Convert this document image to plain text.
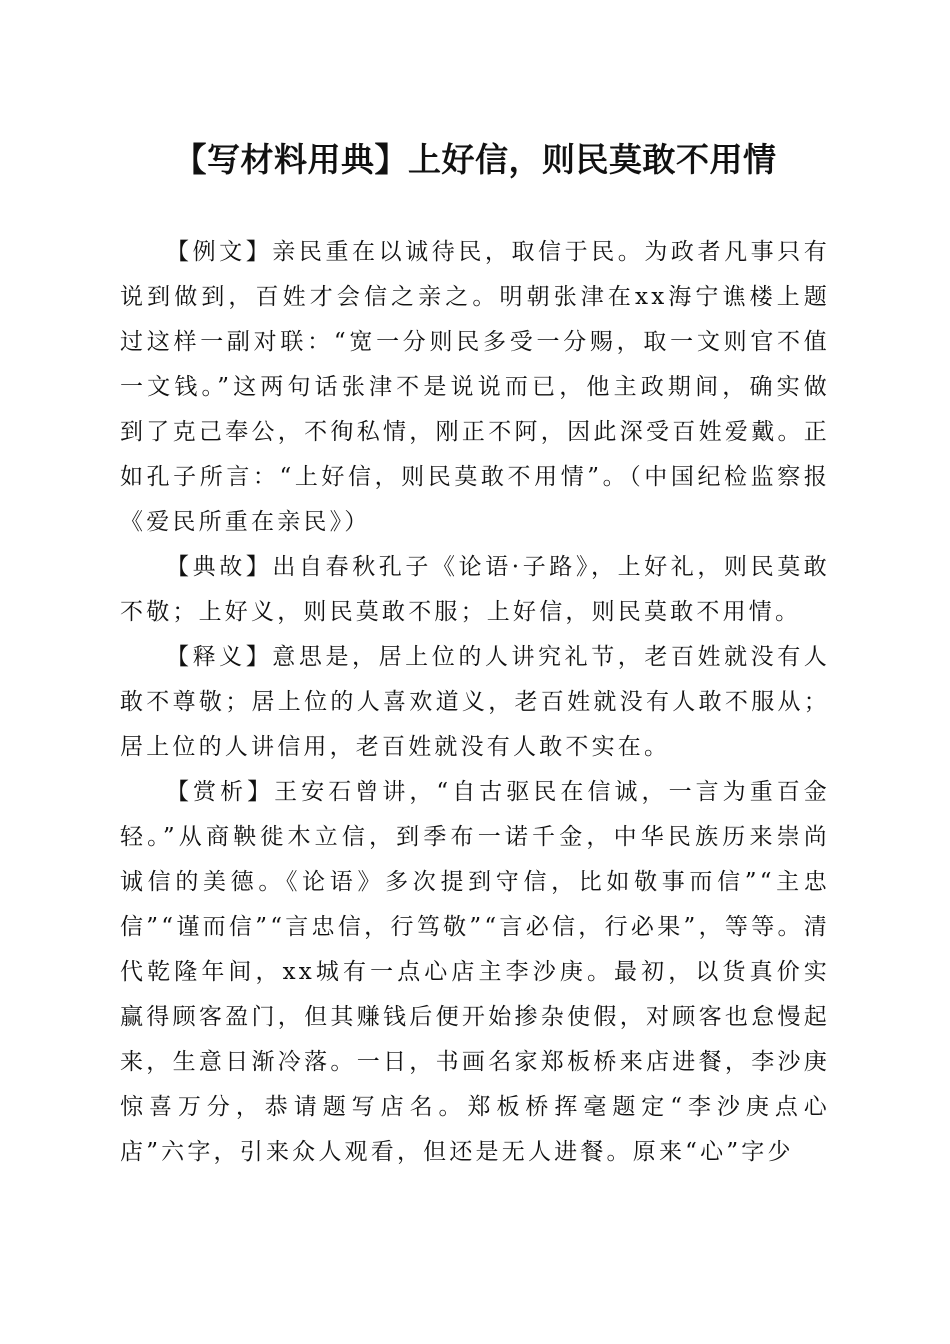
【写材料用典】上好信，则民莫敢不用情

【例文】亲民重在以诚待民，取信于民。为政者凡事只有说到做到，百姓才会信之亲之。明朝张津在xx海宁谯楼上题过这样一副对联：“宽一分则民多受一分赐，取一文则官不值一文钱。”这两句话张津不是说说而已，他主政期间，确实做到了克己奉公，不徇私情，刚正不阿，因此深受百姓爱戴。正如孔子所言：“上好信，则民莫敢不用情”。（中国纪检监察报《爱民所重在亲民》）

【典故】出自春秋孔子《论语·子路》，上好礼，则民莫敢不敬；上好义，则民莫敢不服；上好信，则民莫敢不用情。

【释义】意思是，居上位的人讲究礼节，老百姓就没有人敢不尊敬；居上位的人喜欢道义，老百姓就没有人敢不服从；居上位的人讲信用，老百姓就没有人敢不实在。

【赏析】王安石曾讲，“自古驱民在信诚，一言为重百金轻。”从商鞅徙木立信，到季布一诺千金，中华民族历来崇尚诚信的美德。《论语》多次提到守信，比如敬事而信”“主忠信”“谨而信”“言忠信，行笃敬”“言必信，行必果”，等等。清代乾隆年间，xx城有一点心店主李沙庚。最初，以货真价实赢得顾客盈门，但其赚钱后便开始掺杂使假，对顾客也怠慢起来，生意日渐冷落。一日，书画名家郑板桥来店进餐，李沙庚惊喜万分，恭请题写店名。郑板桥挥毫题定“李沙庚点心店”六字，引来众人观看，但还是无人进餐。原来“心”字少
